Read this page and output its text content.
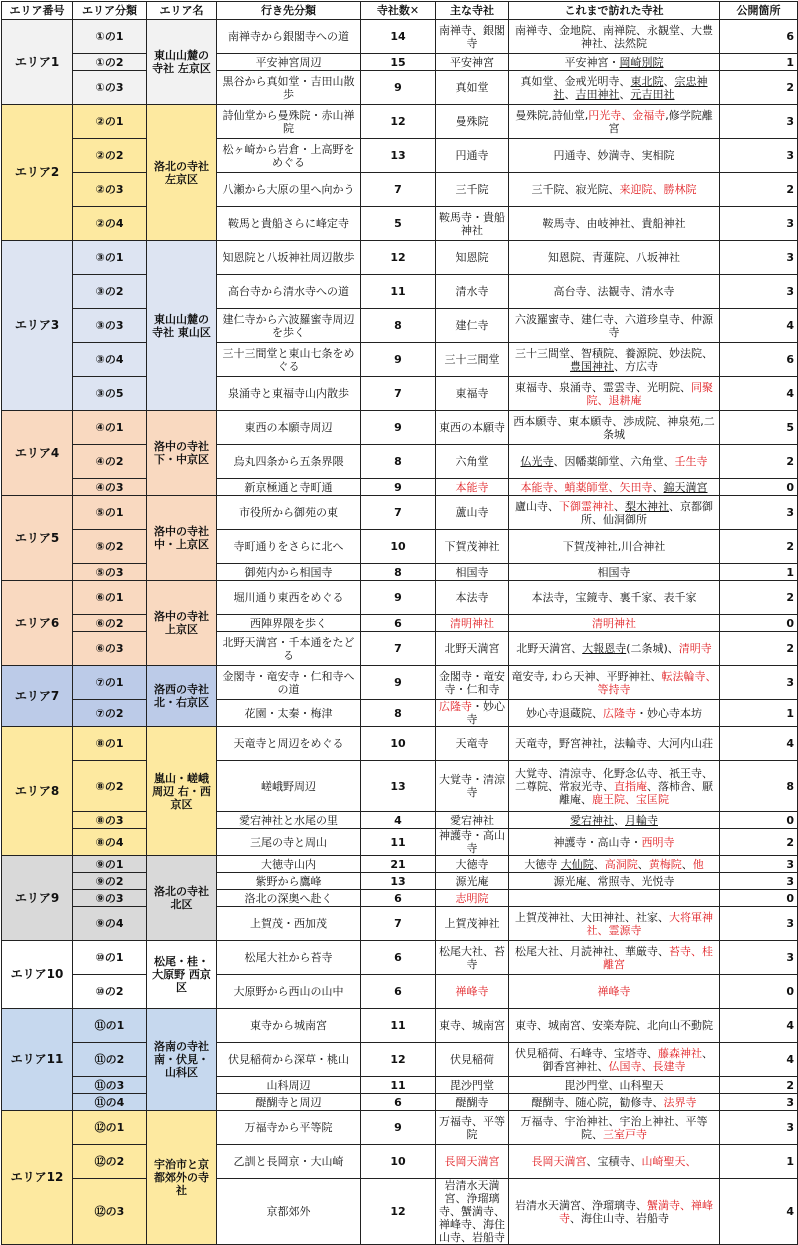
エリア番号	エリア分類	エリア名	行き先分類	寺社数✕	主な寺社	これまで訪れた寺社	公開箇所
エリア1	①の1	東山山麓の寺社 左京区	南禅寺から銀閣寺への道	14	南禅寺、銀閣寺	南禅寺、金地院、南禅院、永観堂、大豊神社、法然院	6
	①の2		平安神宮周辺	15	平安神宮	平安神宮・岡崎別院	1
	①の3		黒谷から真如堂・吉田山散歩	9	真如堂	真如堂、金戒光明寺、東北院、宗忠神社、吉田神社、元吉田社	2
エリア2	②の1	洛北の寺社 左京区	詩仙堂から曼殊院・赤山禅院	12	曼殊院	曼殊院,詩仙堂,円光寺、金福寺,修学院離宮	3
	②の2		松ヶ崎から岩倉・上高野をめぐる	13	円通寺	円通寺、妙満寺、実相院	3
	②の3		八瀬から大原の里へ向かう	7	三千院	三千院、寂光院、来迎院、勝林院	2
	②の4		鞍馬と貴船さらに峰定寺	5	鞍馬寺・貴船神社	鞍馬寺、由岐神社、貴船神社	3
エリア3	③の1	東山山麓の寺社 東山区	知恩院と八坂神社周辺散歩	12	知恩院	知恩院、青蓮院、八坂神社	3
	③の2		高台寺から清水寺への道	11	清水寺	高台寺、法観寺、清水寺	3
	③の3		建仁寺から六波羅蜜寺周辺を歩く	8	建仁寺	六波羅蜜寺、建仁寺、六道珍皇寺、仲源寺	4
	③の4		三十三間堂と東山七条をめぐる	9	三十三間堂	三十三間堂、智積院、養源院、妙法院、豊国神社、方広寺	6
	③の5		泉涌寺と東福寺山内散歩	7	東福寺	東福寺、泉涌寺、霊雲寺、光明院、同聚院、退耕庵	4
エリア4	④の1	洛中の寺社 下・中京区	東西の本願寺周辺	9	東西の本願寺	西本願寺、東本願寺、渉成院、神泉苑,二条城	5
	④の2		烏丸四条から五条界隈	8	六角堂	仏光寺、因幡薬師堂、六角堂、壬生寺	2
	④の3		新京極通と寺町通	9	本能寺	本能寺、蛸薬師堂、矢田寺、錦天満宮	0
エリア5	⑤の1	洛中の寺社 中・上京区	市役所から御苑の東	7	蘆山寺	廬山寺、下御霊神社、梨木神社、京都御所、仙洞御所	3
	⑤の2		寺町通りをさらに北へ	10	下賀茂神社	下賀茂神社,川合神社	2
	⑤の3		御苑内から相国寺	8	相国寺	相国寺	1
エリア6	⑥の1	洛中の寺社 上京区	堀川通り東西をめぐる	9	本法寺	本法寺，宝鏡寺、裏千家、表千家	2
	⑥の2		西陣界隈を歩く	6	清明神社	清明神社	0
	⑥の3		北野天満宮・千本通をたどる	7	北野天満宮	北野天満宮、大報恩寺(二条城)、清明寺	2
エリア7	⑦の1	洛西の寺社 北・右京区	金閣寺・竜安寺・仁和寺への道	9	金閣寺・竜安寺・仁和寺	竜安寺, わら天神、平野神社、転法輪寺、等持寺	3
	⑦の2		花園・太秦・梅津	8	広隆寺・妙心寺	妙心寺退蔵院、広隆寺・妙心寺本坊	1
エリア8	⑧の1	嵐山・嵯峨周辺 右・西京区	天竜寺と周辺をめぐる	10	天竜寺	天竜寺，野宮神社，法輪寺、大河内山荘	4
	⑧の2		嵯峨野周辺	13	大覚寺・清涼寺	大覚寺、清涼寺、化野念仏寺、祇王寺、二尊院、常寂光寺、直指庵、落柿舎、厭離庵、鹿王院、宝匡院	8
	⑧の3		愛宕神社と水尾の里	4	愛宕神社	愛宕神社、月輪寺	0
	⑧の4		三尾の寺と周山	11	神護寺・高山寺	神護寺・高山寺・西明寺	2
エリア9	⑨の1	洛北の寺社 北区	大徳寺山内	21	大徳寺	大徳寺 大仙院、高洞院、黄梅院、他	3
	⑨の2		紫野から鷹峰	13	源光庵	源光庵、常照寺、光悦寺	3
	⑨の3		洛北の深奥へ赴く	6	志明院		0
	⑨の4		上賀茂・西加茂	7	上賀茂神社	上賀茂神社、大田神社、社家、大将軍神社、霊源寺	3
エリア10	⑩の1	松尾・桂・大原野 西京区	松尾大社から苔寺	6	松尾大社、苔寺	松尾大社、月読神社、華厳寺、苔寺、桂離宮	3
	⑩の2		大原野から西山の山中	6	禅峰寺	禅峰寺	0
エリア11	⑪の1	洛南の寺社 南・伏見・山科区	東寺から城南宮	11	東寺、城南宮	東寺、城南宮、安楽寿院、北向山不動院	4
	⑪の2		伏見稲荷から深草・桃山	12	伏見稲荷	伏見稲荷、石峰寺、宝塔寺、藤森神社、御香宮神社、仏国寺、長建寺	4
	⑪の3		山科周辺	11	毘沙門堂	毘沙門堂、山科聖天	2
	⑪の4		醍醐寺と周辺	6	醍醐寺	醍醐寺、随心院，勧修寺、法界寺	3
エリア12	⑫の1	宇治市と京都郊外の寺社	万福寺から平等院	9	万福寺、平等院	万福寺、宇治神社、宇治上神社、平等院、三室戸寺	3
	⑫の2		乙訓と長岡京・大山崎	10	長岡天満宮	長岡天満宮、宝積寺、山崎聖天、	1
	⑫の3		京都郊外	12	岩清水天満宮、浄瑠璃寺、蟹満寺、禅峰寺、海住山寺、岩船寺	岩清水天満宮、浄瑠璃寺、蟹満寺、禅峰寺、海住山寺、岩船寺	4
